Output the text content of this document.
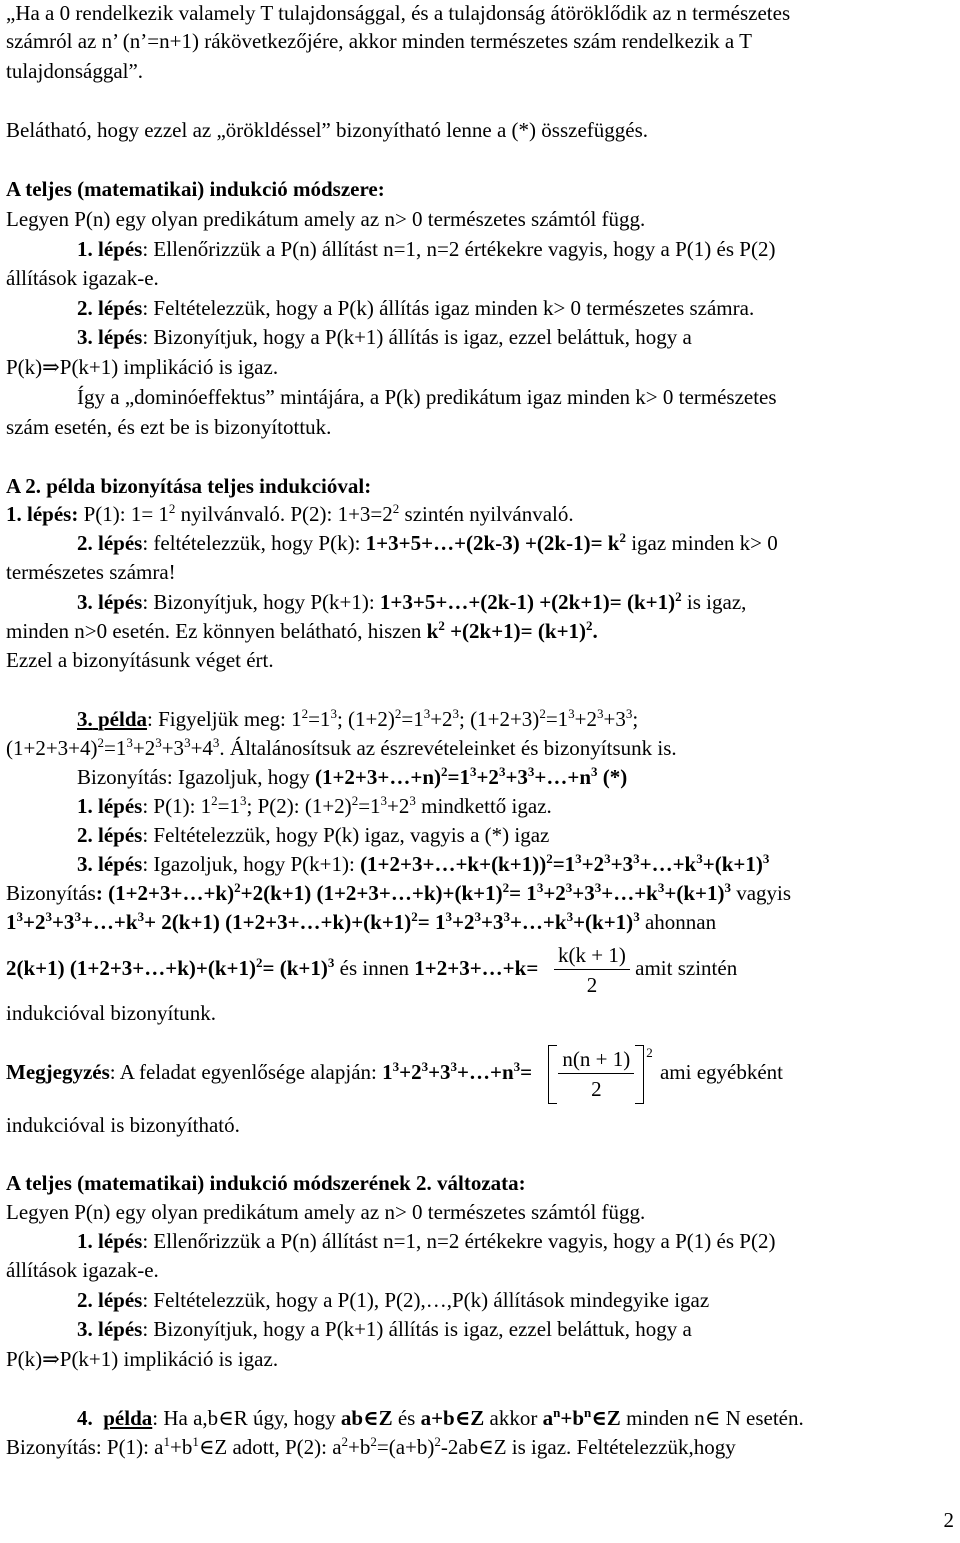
„Ha a 0 rendelkezik valamely T tulajdonsággal, és a tulajdonság átöröklődik az n természetes
számról az n’ (n’=n+1) rákövetkezőjére, akkor minden természetes szám rendelkezik a T
tulajdonsággal”.
Belátható, hogy ezzel az „örökldéssel” bizonyítható lenne a (*) összefüggés.
A teljes (matematikai) indukció módszere:
Legyen P(n) egy olyan predikátum amely az n> 0 természetes számtól függ.
1. lépés: Ellenőrizzük a P(n) állítást n=1, n=2 értékekre vagyis, hogy a P(1) és P(2)
állítások igazak-e.
2. lépés: Feltételezzük, hogy a P(k) állítás igaz minden k> 0 természetes számra.
3. lépés: Bizonyítjuk, hogy a P(k+1) állítás is igaz, ezzel beláttuk, hogy a
P(k)⇒P(k+1) implikáció is igaz.
Így a „dominóeffektus” mintájára, a P(k) predikátum igaz minden k> 0 természetes
szám esetén, és ezt be is bizonyítottuk.
A 2. példa bizonyítása teljes indukcióval:
1. lépés: P(1): $1= 1^2$ nyilvánvaló. P(2): $1+3=2^2$ szintén nyilvánvaló.
2. lépés: feltételezzük, hogy P(k): 1+3+5+…+(2k-3) $+(2k-1)= k^2$ igaz minden k> 0
természetes számra!
3. lépés: Bizonyítjuk, hogy P(k+1): 1+3+5+…+(2k-1) $+(2k+1)= (k+1)^2$ is igaz,
minden n>0 esetén. Ez könnyen belátható, hiszen $k^2 +(2k+1)= (k+1)^2$.
Ezzel a bizonyításunk véget ért.
3. példa: Figyeljük meg: $1^2=1^3$; $(1+2)^2=1^3+2^3$; $(1+2+3)^2=1^3+2^3+3^3$;
$(1+2+3+4)^2=1^3+2^3+3^3+4^3$. Általánosítsuk az észrevételeinket és bizonyítsunk is.
Bizonyítás: Igazoljuk, hogy $(1+2+3+\dots+n)^2=1^3+2^3+3^3+\dots+n^3$ (*)
1. lépés: P(1): $1^2=1^3$; P(2): $(1+2)^2=1^3+2^3$ mindkettő igaz.
2. lépés: Feltételezzük, hogy P(k) igaz, vagyis a (*) igaz
3. lépés: Igazoljuk, hogy P(k+1): $(1+2+3+\dots+k+(k+1))^2=1^3+2^3+3^3+\dots+k^3+(k+1)^3$
Bizonyítás: (1+2+3+…+k)$^2$+2(k+1) $(1+2+3+\dots+k)+(k+1)^2=$ $1^3+2^3+3^3+\dots+k^3+(k+1)^3$ vagyis
$1^3+2^3+3^3+\dots+k^3+ 2(k+1)$ $(1+2+3+\dots+k)+(k+1)^2=$ $1^3+2^3+3^3+\dots+k^3+(k+1)^3$ ahonnan
2(k+1) $(1+2+3+\dots+k)+(k+1)^2= (k+1)^3$ és innen 1+2+3+…+k= $\frac{k(k + 1)}{2}$ amit szintén
indukcióval bizonyítunk.
Megjegyzés: A feladat egyenlősége alapján: $1^3+2^3+3^3+\dots+n^3= \frac{n(n + 1)}{2} ^2$ ami egyébként
indukcióval is bizonyítható.
A teljes (matematikai) indukció módszerének 2. változata:
Legyen P(n) egy olyan predikátum amely az n> 0 természetes számtól függ.
1. lépés: Ellenőrizzük a P(n) állítást n=1, n=2 értékekre vagyis, hogy a P(1) és P(2)
állítások igazak-e.
2. lépés: Feltételezzük, hogy a P(1), P(2),…,P(k) állítások mindegyike igaz
3. lépés: Bizonyítjuk, hogy a P(k+1) állítás is igaz, ezzel beláttuk, hogy a
P(k)⇒P(k+1) implikáció is igaz.
4. példa: Ha a,b∈R úgy, hogy ab∈Z és a+b∈Z akkor $a^n+b^n\in Z$ minden n∈ N esetén.
Bizonyítás: P(1): $a^1+b^1\in Z$ adott, P(2): $a^2+b^2=(a+b)^2-2ab\in Z$ is igaz. Feltételezzük,hogy
2
